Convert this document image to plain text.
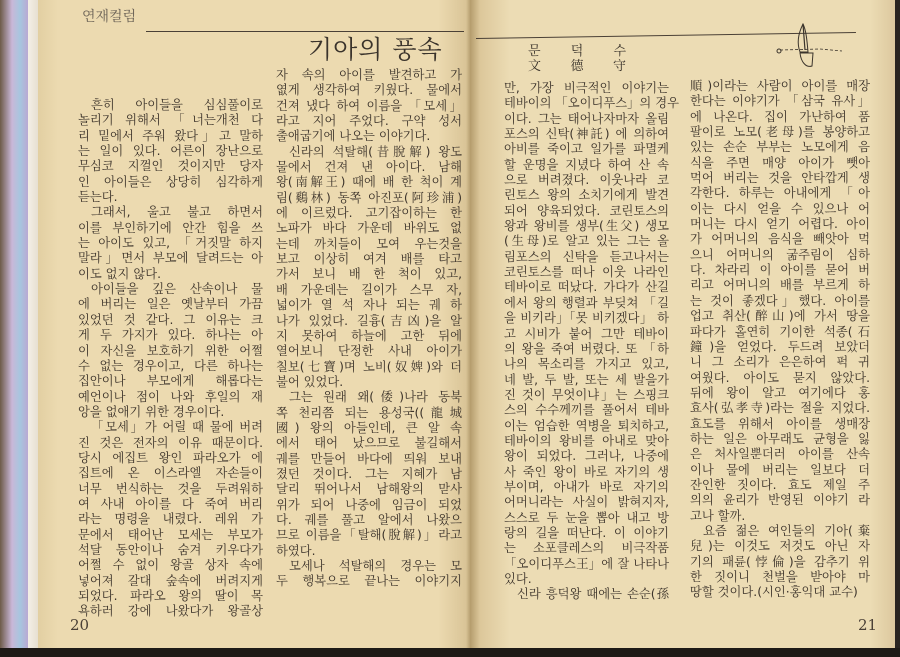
연재컬럼
기아의 풍속	문 덕 수
文 德 守
흔히 아이들을 심심풀이로
놀리기 위해서 「너는개천 다
리 밑에서 주워 왔다」고 말하
는 일이 있다. 어른이 장난으로
무심코 지껄인 것이지만 당자
인 아이들은 상당히 심각하게
듣는다.
그래서, 울고 불고 하면서
이를 부인하기에 안간 힘을 쓰
는 아이도 있고, 「거짓말 하지
말라」면서 부모에 달려드는 아
이도 없지 않다.
아이들을 깊은 산속이나 물
에 버리는 일은 옛날부터 가끔
있었던 것 같다. 그 이유는 크
게 두 가지가 있다. 하나는 아
이 자신을 보호하기 위한 어쩔
수 없는 경우이고, 다른 하나는
집안이나 부모에게 해롭다는
예언이나 점이 나와 후일의 재
앙을 없애기 위한 경우이다.
「모세」가 어릴 때 물에 버려
진 것은 전자의 이유 때문이다.
당시 에집트 왕인 파라오가 에
집트에 온 이스라엘 자손들이
너무 번식하는 것을 두려워하
여 사내 아이를 다 죽여 버리
라는 명령을 내렸다. 레위 가
문에서 태어난 모세는 부모가
석달 동안이나 숨겨 키우다가
어쩔 수 없이 왕골 상자 속에
넣어져 갈대 숲속에 버려지게
되었다. 파라오 왕의 딸이 목
욕하러 강에 나왔다가 왕골상
자 속의 아이를 발견하고 가
엾게 생각하여 키웠다. 물에서
건져 냈다 하여 이름을 「모세」
라고 지어 주었다. 구약 성서
출애굽기에 나오는 이야기다.
신라의 석탈해(昔脫解) 왕도
물에서 건져 낸 아이다. 남해
왕(南解王) 때에 배 한 척이 계
림(鷄林) 동쪽 아진포(阿珍浦)
에 이르렀다. 고기잡이하는 한
노파가 바다 가운데 바위도 없
는데 까치들이 모여 우는것을
보고 이상히 여겨 배를 타고
가서 보니 배 한 척이 있고,
배 가운데는 길이가 스무 자,
넓이가 열 석 자나 되는 궤 하
나가 있었다. 길흉(吉凶)을 알
지 못하여 하늘에 고한 뒤에
열어보니 단정한 사내 아이가
칠보(七寶)며 노비(奴婢)와 더
불어 있었다.
그는 원래 왜(倭)나라 동북
쪽 천리쯤 되는 용성국((龍城
國) 왕의 아들인데, 큰 알 속
에서 태어 났으므로 불길해서
궤를 만들어 바다에 띄워 보내
졌던 것이다. 그는 지혜가 남
달리 뛰어나서 남해왕의 맏사
위가 되어 나중에 임금이 되었
다. 궤를 풀고 알에서 나왔으
므로 이름을「탈해(脫解)」라고
하였다.
모세나 석탈해의 경우는 모
두 행복으로 끝나는 이야기지
만, 가장 비극적인 이야기는
테바이의 「오이디푸스」의 경우
이다. 그는 태어나자마자 올림
포스의 신탁(神託) 에 의하여
아비를 죽이고 일가를 파멸케
할 운명을 지녔다 하여 산 속
으로 버려졌다. 이웃나라 코
린토스 왕의 소치기에게 발견
되어 양육되었다. 코린토스의
왕과 왕비를 생부(生父) 생모
(生母)로 알고 있는 그는 올
림포스의 신탁을 듣고나서는
코린토스를 떠나 이웃 나라인
테바이로 떠났다. 가다가 산길
에서 왕의 행렬과 부딪쳐 「길
을 비키라」「못 비키겠다」 하
고 시비가 붙어 그만 테바이
의 왕을 죽여 버렸다. 또 「하
나의 목소리를 가지고 있고,
네 발, 두 발, 또는 세 발을가
진 것이 무엇이냐」는 스핑크
스의 수수께끼를 풀어서 테바
이는 엄습한 역병을 퇴치하고,
테바이의 왕비를 아내로 맞아
왕이 되었다. 그러나, 나중에
사 죽인 왕이 바로 자기의 생
부이며, 아내가 바로 자기의
어머니라는 사실이 밝혀지자,
스스로 두 눈을 뽑아 내고 방
랑의 길을 떠난다. 이 이야기
는 소포클레스의 비극작품
「오이디푸스王」에 잘 나타나
있다.
신라 흥덕왕 때에는 손순(孫
順)이라는 사람이 아이를 매장
한다는 이야기가 「삼국 유사」
에 나온다. 집이 가난하여 품
팔이로 노모(老母)를 봉양하고
있는 손순 부부는 노모에게 음
식을 주면 매양 아이가 뺏아
먹어 버리는 것을 안타깝게 생
각한다. 하루는 아내에게 「아
이는 다시 얻을 수 있으나 어
머니는 다시 얻기 어렵다. 아이
가 어머니의 음식을 빼앗아 먹
으니 어머니의 굶주림이 심하
다. 차라리 이 아이를 묻어 버
리고 어머니의 배를 부르게 하
는 것이 좋겠다」했다. 아이를
업고 취산(醉山)에 가서 땅을
파다가 홀연히 기이한 석종(石
鐘)을 얻었다. 두드려 보았더
니 그 소리가 은은하여 퍽 귀
여웠다. 아이도 묻지 않았다.
뒤에 왕이 알고 여기에다 홍
효사(弘孝寺)라는 절을 지었다.
효도를 위해서 아이를 생매장
하는 일은 아무래도 균형을 잃
은 처사일뿐더러 아이를 산속
이나 물에 버리는 일보다 더
잔인한 짓이다. 효도 제일 주
의의 윤리가 반영된 이야기 라
고나 할까.
요즘 젊은 여인들의 기아(棄
兒)는 이것도 저것도 아닌 자
기의 패륜(悖倫)을 감추기 위
한 짓이니 천벌을 받아야 마
땅할 것이다.(시인·홍익대 교수)
20	21
